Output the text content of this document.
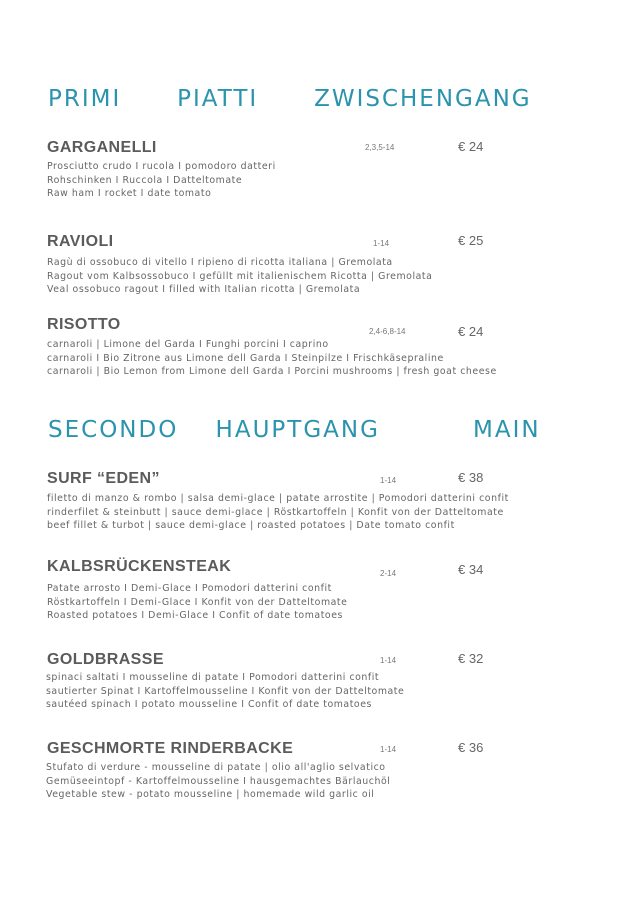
PRIMI      PIATTI      ZWISCHENGANG
GARGANELLI	2,3,5-14	€ 24
Prosciutto crudo I rucola I pomodoro datteri
Rohschinken I Ruccola I Datteltomate
Raw ham I rocket I date tomato
RAVIOLI	1-14	€ 25
Ragù di ossobuco di vitello I ripieno di ricotta italiana | Gremolata
Ragout vom Kalbsossobuco I gefüllt mit italienischem Ricotta | Gremolata
Veal ossobuco ragout I filled with Italian ricotta | Gremolata
RISOTTO	2,4-6,8-14	€ 24
carnaroli | Limone del Garda I Funghi porcini I caprino
carnaroli I Bio Zitrone aus Limone dell Garda I Steinpilze I Frischkäsepraline
carnaroli | Bio Lemon from Limone dell Garda I Porcini mushrooms | fresh goat cheese
SECONDO    HAUPTGANG          MAIN
SURF “EDEN”	1-14	€ 38
filetto di manzo & rombo | salsa demi-glace | patate arrostite | Pomodori datterini confit
rinderfilet & steinbutt | sauce demi-glace | Röstkartoffeln | Konfit von der Datteltomate
beef fillet & turbot | sauce demi-glace | roasted potatoes | Date tomato confit
KALBSRÜCKENSTEAK	2-14	€ 34
Patate arrosto I Demi-Glace I Pomodori datterini confit
Röstkartoffeln I Demi-Glace I Konfit von der Datteltomate
Roasted potatoes I Demi-Glace I Confit of date tomatoes
GOLDBRASSE	1-14	€ 32
spinaci saltati I mousseline di patate I Pomodori datterini confit
sautierter Spinat I Kartoffelmousseline I Konfit von der Datteltomate
sautéed spinach I potato mousseline I Confit of date tomatoes
GESCHMORTE RINDERBACKE	1-14	€ 36
Stufato di verdure - mousseline di patate | olio all'aglio selvatico
Gemüseeintopf - Kartoffelmousseline I hausgemachtes Bärlauchöl
Vegetable stew - potato mousseline | homemade wild garlic oil
